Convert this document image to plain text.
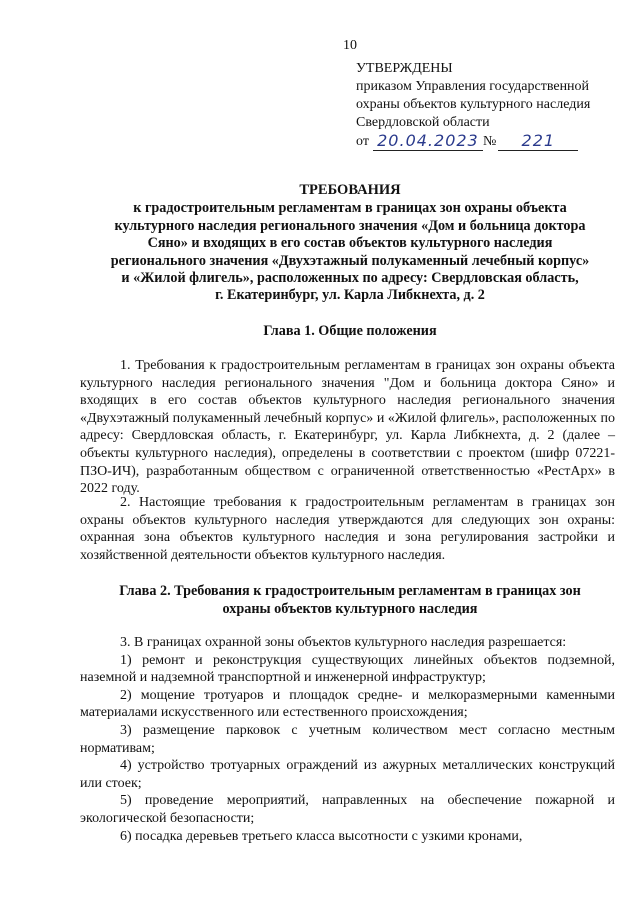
10
УТВЕРЖДЕНЫ
приказом Управления государственной
охраны объектов культурного наследия
Свердловской области
от 20.04.2023 №	221
ТРЕБОВАНИЯ
к градостроительным регламентам в границах зон охраны объекта
культурного наследия регионального значения «Дом и больница доктора
Сяно» и входящих в его состав объектов культурного наследия
регионального значения «Двухэтажный полукаменный лечебный корпус»
и «Жилой флигель», расположенных по адресу: Свердловская область,
г. Екатеринбург, ул. Карла Либкнехта, д. 2
Глава 1. Общие положения
1. Требования к градостроительным регламентам в границах зон охраны объекта культурного наследия регионального значения "Дом и больница доктора Сяно» и входящих в его состав объектов культурного наследия регионального значения «Двухэтажный полукаменный лечебный корпус» и «Жилой флигель», расположенных по адресу: Свердловская область, г. Екатеринбург, ул. Карла Либкнехта, д. 2 (далее – объекты культурного наследия), определены в соответствии с проектом (шифр 07221-ПЗО-ИЧ), разработанным обществом с ограниченной ответственностью «РестАрх» в 2022 году.
2. Настоящие требования к градостроительным регламентам в границах зон охраны объектов культурного наследия утверждаются для следующих зон охраны: охранная зона объектов культурного наследия и зона регулирования застройки и хозяйственной деятельности объектов культурного наследия.
Глава 2. Требования к градостроительным регламентам в границах зон
охраны объектов культурного наследия
3. В границах охранной зоны объектов культурного наследия разрешается:
1) ремонт и реконструкция существующих линейных объектов подземной, наземной и надземной транспортной и инженерной инфраструктур;
2) мощение тротуаров и площадок средне- и мелкоразмерными каменными материалами искусственного или естественного происхождения;
3) размещение парковок с учетным количеством мест согласно местным нормативам;
4) устройство тротуарных ограждений из ажурных металлических конструкций или стоек;
5) проведение мероприятий, направленных на обеспечение пожарной и экологической безопасности;
6) посадка деревьев третьего класса высотности с узкими кронами,
